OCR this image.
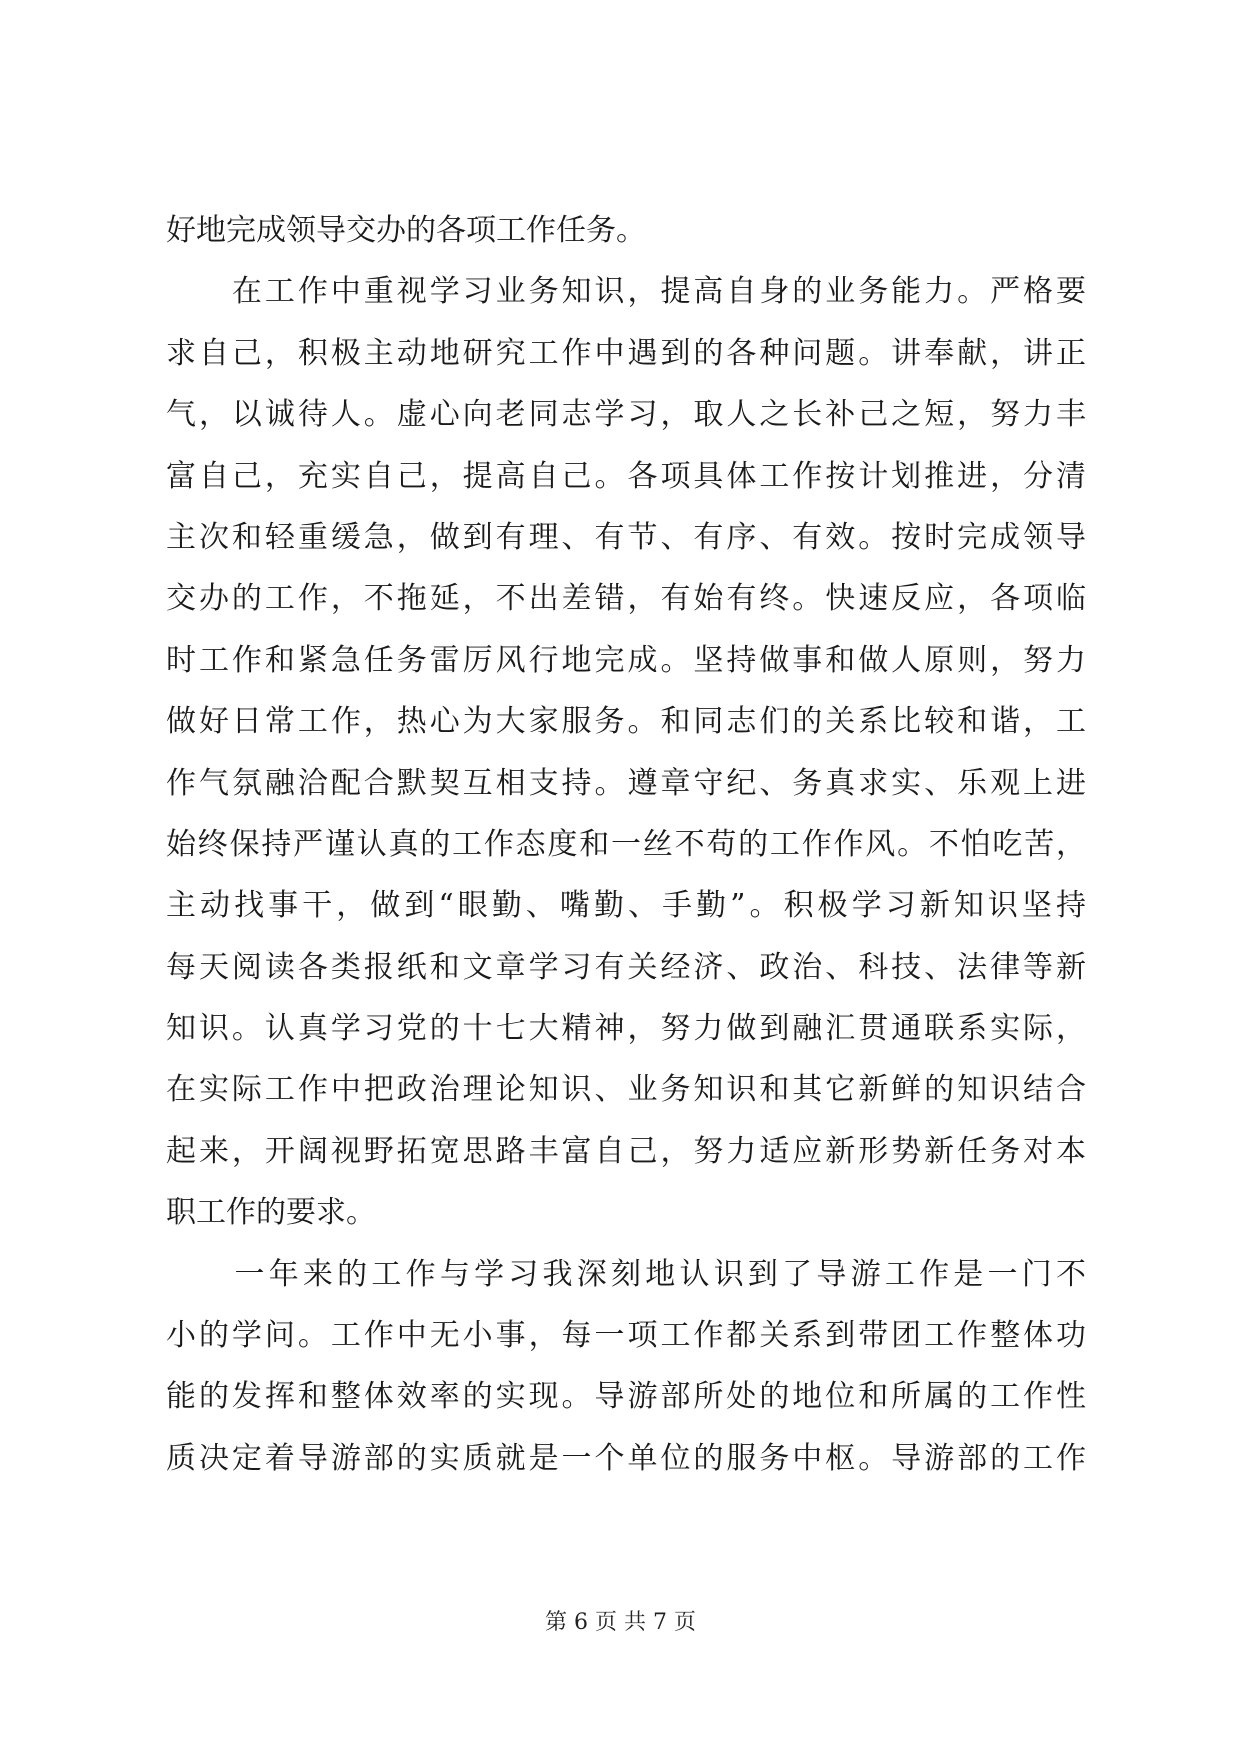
好地完成领导交办的各项工作任务。
　　在工作中重视学习业务知识，提高自身的业务能力。严格要
求自己，积极主动地研究工作中遇到的各种问题。讲奉献，讲正
气，以诚待人。虚心向老同志学习，取人之长补己之短，努力丰
富自己，充实自己，提高自己。各项具体工作按计划推进，分清
主次和轻重缓急，做到有理、有节、有序、有效。按时完成领导
交办的工作，不拖延，不出差错，有始有终。快速反应，各项临
时工作和紧急任务雷厉风行地完成。坚持做事和做人原则，努力
做好日常工作，热心为大家服务。和同志们的关系比较和谐，工
作气氛融洽配合默契互相支持。遵章守纪、务真求实、乐观上进
始终保持严谨认真的工作态度和一丝不苟的工作作风。不怕吃苦，
主动找事干，做到“眼勤、嘴勤、手勤”。积极学习新知识坚持
每天阅读各类报纸和文章学习有关经济、政治、科技、法律等新
知识。认真学习党的十七大精神，努力做到融汇贯通联系实际，
在实际工作中把政治理论知识、业务知识和其它新鲜的知识结合
起来，开阔视野拓宽思路丰富自己，努力适应新形势新任务对本
职工作的要求。
　　一年来的工作与学习我深刻地认识到了导游工作是一门不
小的学问。工作中无小事，每一项工作都关系到带团工作整体功
能的发挥和整体效率的实现。导游部所处的地位和所属的工作性
质决定着导游部的实质就是一个单位的服务中枢。导游部的工作
第 6 页 共 7 页
